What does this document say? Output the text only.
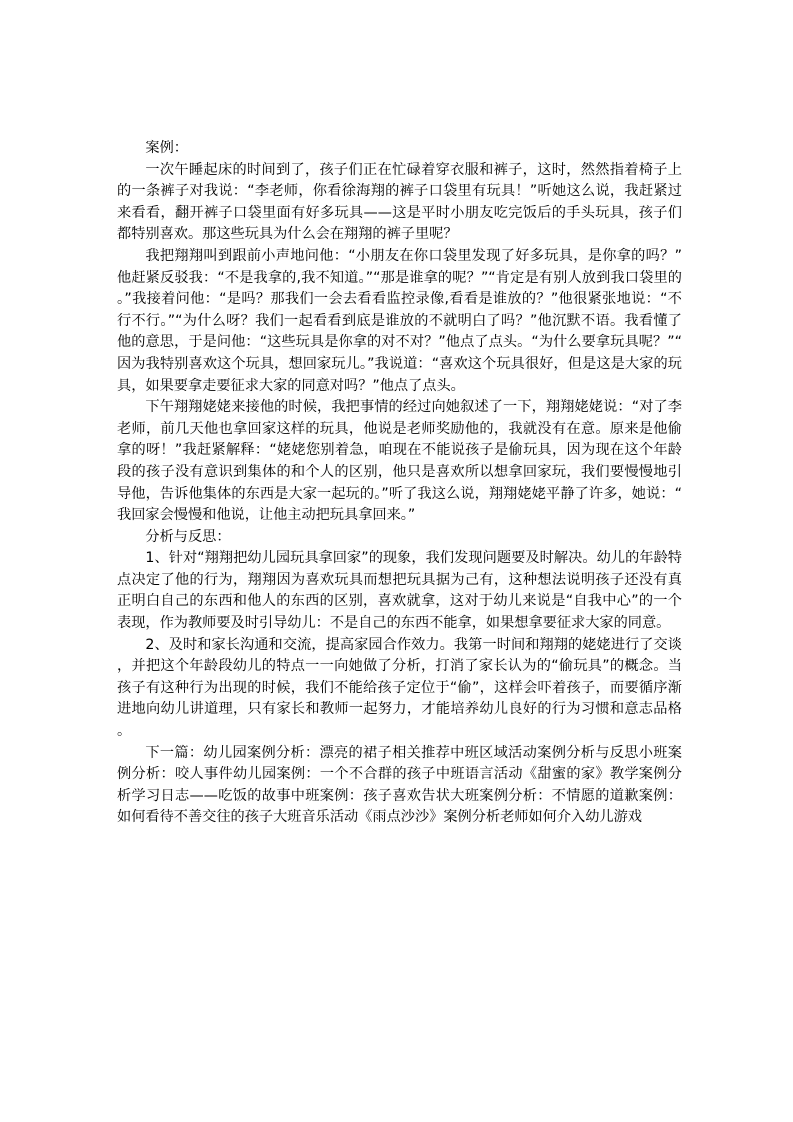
案例：

一次午睡起床的时间到了，孩子们正在忙碌着穿衣服和裤子，这时，然然指着椅子上的一条裤子对我说：“李老师，你看徐海翔的裤子口袋里有玩具！”听她这么说，我赶紧过来看看，翻开裤子口袋里面有好多玩具——这是平时小朋友吃完饭后的手头玩具，孩子们都特别喜欢。那这些玩具为什么会在翔翔的裤子里呢？

我把翔翔叫到跟前小声地问他：“小朋友在你口袋里发现了好多玩具，是你拿的吗？”他赶紧反驳我：“不是我拿的,我不知道。”“那是谁拿的呢？”“肯定是有别人放到我口袋里的。”我接着问他：“是吗？那我们一会去看看监控录像,看看是谁放的？”他很紧张地说：“不行不行。”“为什么呀？我们一起看看到底是谁放的不就明白了吗？”他沉默不语。我看懂了他的意思，于是问他：“这些玩具是你拿的对不对？”他点了点头。“为什么要拿玩具呢？”“因为我特别喜欢这个玩具，想回家玩儿。”我说道：“喜欢这个玩具很好，但是这是大家的玩具，如果要拿走要征求大家的同意对吗？”他点了点头。

下午翔翔姥姥来接他的时候，我把事情的经过向她叙述了一下，翔翔姥姥说：“对了李老师，前几天他也拿回家这样的玩具，他说是老师奖励他的，我就没有在意。原来是他偷拿的呀！”我赶紧解释：“姥姥您别着急，咱现在不能说孩子是偷玩具，因为现在这个年龄段的孩子没有意识到集体的和个人的区别，他只是喜欢所以想拿回家玩，我们要慢慢地引导他，告诉他集体的东西是大家一起玩的。”听了我这么说，翔翔姥姥平静了许多，她说：“我回家会慢慢和他说，让他主动把玩具拿回来。”

分析与反思：

1、针对“翔翔把幼儿园玩具拿回家”的现象，我们发现问题要及时解决。幼儿的年龄特点决定了他的行为，翔翔因为喜欢玩具而想把玩具据为己有，这种想法说明孩子还没有真正明白自己的东西和他人的东西的区别，喜欢就拿，这对于幼儿来说是“自我中心”的一个表现，作为教师要及时引导幼儿：不是自己的东西不能拿，如果想拿要征求大家的同意。

2、及时和家长沟通和交流，提高家园合作效力。我第一时间和翔翔的姥姥进行了交谈，并把这个年龄段幼儿的特点一一向她做了分析，打消了家长认为的“偷玩具”的概念。当孩子有这种行为出现的时候，我们不能给孩子定位于“偷”，这样会吓着孩子，而要循序渐进地向幼儿讲道理，只有家长和教师一起努力，才能培养幼儿良好的行为习惯和意志品格。

下一篇：幼儿园案例分析：漂亮的裙子相关推荐中班区域活动案例分析与反思小班案例分析：咬人事件幼儿园案例：一个不合群的孩子中班语言活动《甜蜜的家》教学案例分析学习日志——吃饭的故事中班案例：孩子喜欢告状大班案例分析：不情愿的道歉案例：如何看待不善交往的孩子大班音乐活动《雨点沙沙》案例分析老师如何介入幼儿游戏
